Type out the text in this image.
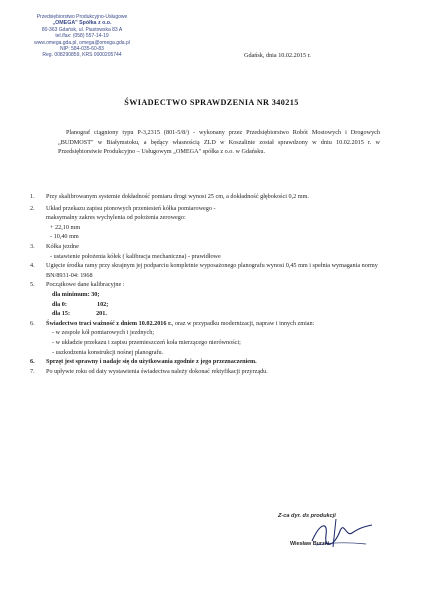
Przedsiębiorstwo Produkcyjno-Usługowe
„OMEGA" Spółka z o.o.
80-363 Gdańsk, ul. Piastowska 83 A
tel./fax: (058) 557-14-19
www.omega.gda.pl, omega@omega.gda.pl
NIP: 584-035-60-83
Reg. 008290859, KRS 0000205744	Gdańsk, dnia 10.02.2015 r.
ŚWIADECTWO SPRAWDZENIA NR 340215
Planograf ciągniony typu P-3,2315 (801-5/8/) - wykonany przez Przedsiębiorstwo Robót Mostowych i Drogowych „BUDMOST" w Białymstoku, a będący własnością ZLD w Koszalinie został sprawdzony w dniu 10.02.2015 r. w Przedsiębiorstwie Produkcyjno – Usługowym „OMEGA" spółka z o.o. w Gdańsku.
1. Przy skalibrowanym systemie dokładność pomiaru drogi wynosi 25 cm, a dokładność głębokości 0,2 mm.
2. Układ przekazu zapisu pionowych przeniesień kółka pomiarowego -
maksymalny zakres wychylenia od położenia zerowego:
+ 22,10 mm
- 10,40 mm
3. Kółka jezdne
- ustawienie położenia kółek ( kalibracja mechaniczna) - prawidłowe
4. Ugięcie środka ramy przy skrajnym jej podparciu kompletnie wyposażonego planografu wynosi 0,45 mm i spełnia wymagania normy BN/8931-04: 1968
5. Początkowe dane kalibracyjne :
dla minimum: 30;
dla 0:	102;
dla 15:	201.
6. Świadectwo traci ważność z dniem 10.02.2016 r., oraz w przypadku modernizacji, napraw i innych zmian:
- w zespole kół pomiarowych i jezdnych;
- w układzie przekazu i zapisu przemieszczeń koła mierzącego nierówności;
- uszkodzenia konstrukcji nośnej planografu.
6. Sprzęt jest sprawny i nadaje się do użytkowania zgodnie z jego przeznaczeniem.
7. Po upływie roku od daty wystawienia świadectwa należy dokonać rektyfikacji przyrządu.
Z-ca dyr. ds produkcji
Wiesław Burzki
